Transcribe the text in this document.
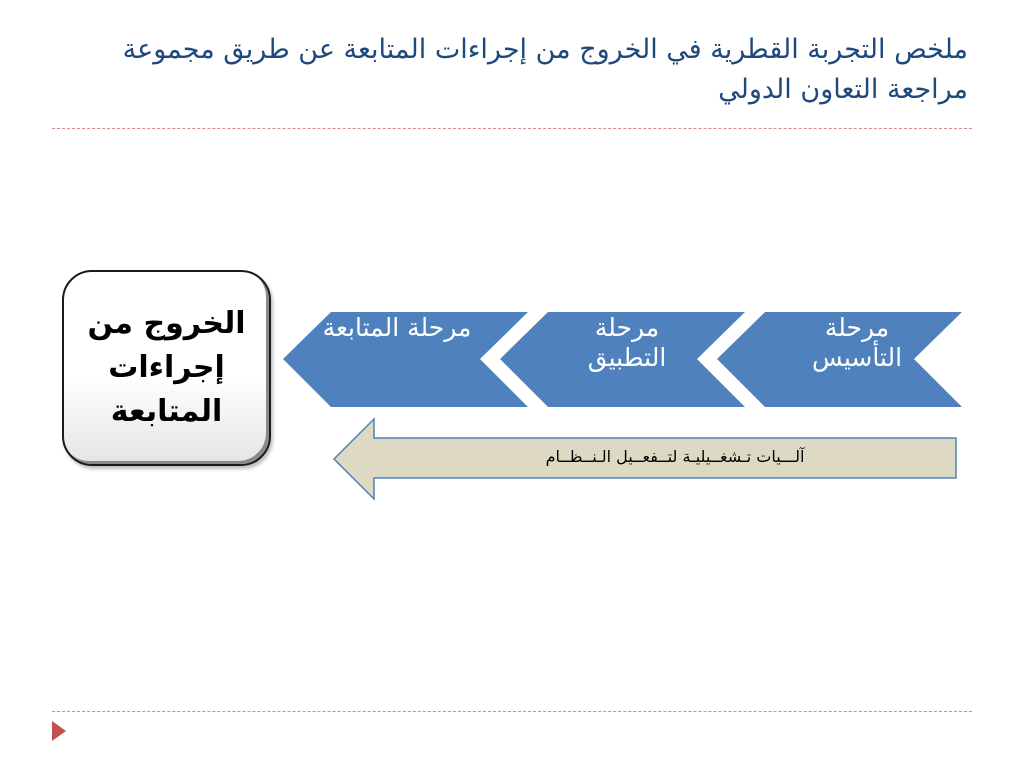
ملخص التجربة القطرية في الخروج من إجراءات المتابعة عن طريق مجموعة مراجعة التعاون الدولي
مرحلة التأسيس
مرحلة التطبيق
مرحلة المتابعة
آلـــيات تـشغــيليـة لتــفعــيل الـنــظــام
الخروج من إجراءات المتابعة
